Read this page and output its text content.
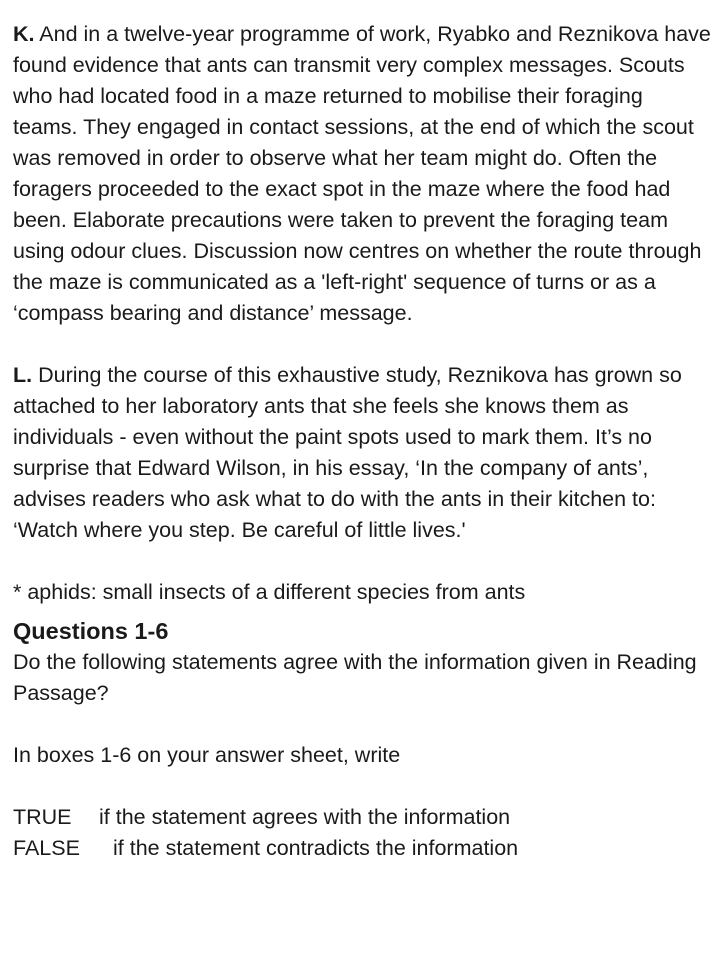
K. And in a twelve-year programme of work, Ryabko and Reznikova have found evidence that ants can transmit very complex messages. Scouts who had located food in a maze returned to mobilise their foraging teams. They engaged in contact sessions, at the end of which the scout was removed in order to observe what her team might do. Often the foragers proceeded to the exact spot in the maze where the food had been. Elaborate precautions were taken to prevent the foraging team using odour clues. Discussion now centres on whether the route through the maze is communicated as a 'left-right' sequence of turns or as a ‘compass bearing and distance’ message.

L. During the course of this exhaustive study, Reznikova has grown so attached to her laboratory ants that she feels she knows them as individuals - even without the paint spots used to mark them. It’s no surprise that Edward Wilson, in his essay, ‘In the company of ants’, advises readers who ask what to do with the ants in their kitchen to: ‘Watch where you step. Be careful of little lives.'

* aphids: small insects of a different species from ants

Questions 1-6

Do the following statements agree with the information given in Reading Passage?

In boxes 1-6 on your answer sheet, write

TRUE	if the statement agrees with the information
FALSE	if the statement contradicts the information
